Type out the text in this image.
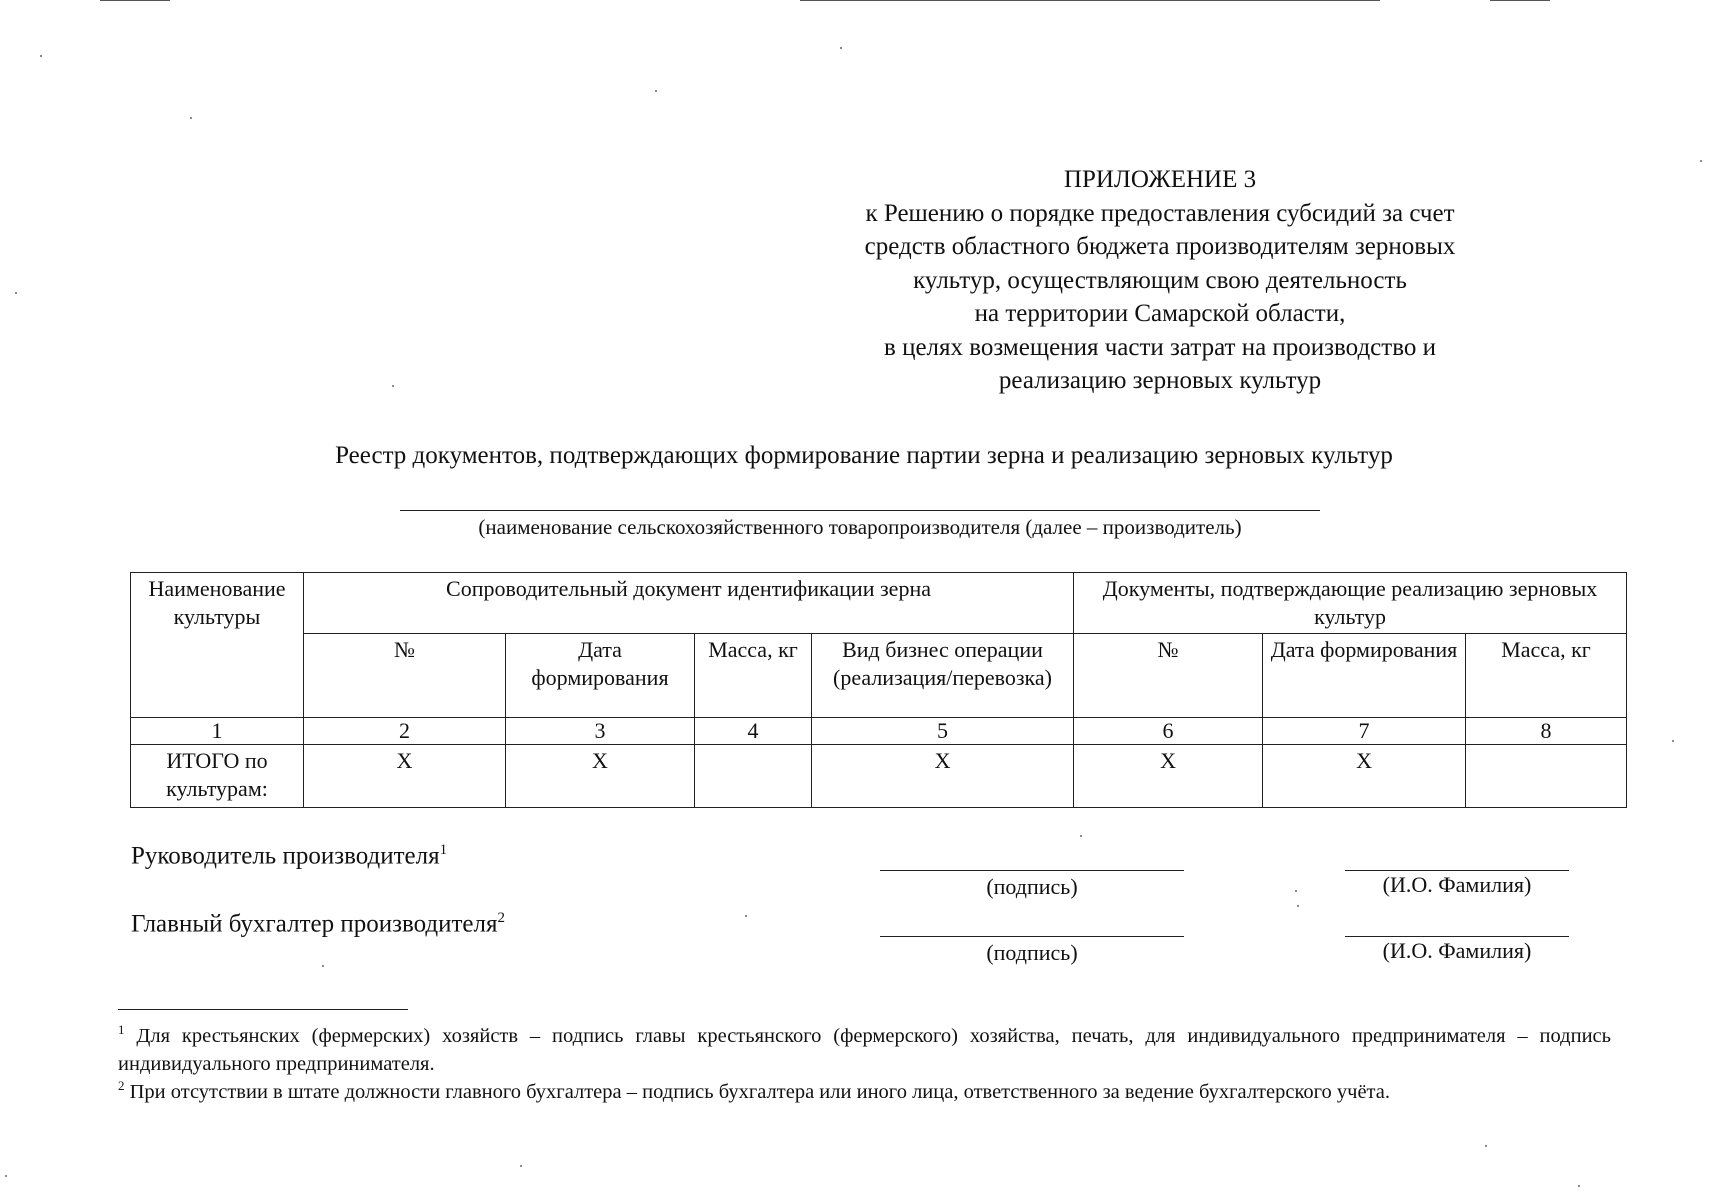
ПРИЛОЖЕНИЕ 3
к Решению о порядке предоставления субсидий за счет
средств областного бюджета производителям зерновых
культур, осуществляющим свою деятельность
на территории Самарской области,
в целях возмещения части затрат на производство и
реализацию зерновых культур
Реестр документов, подтверждающих формирование партии зерна и реализацию зерновых культур
(наименование сельскохозяйственного товаропроизводителя (далее – производитель)
Наименование культуры	Сопроводительный документ идентификации зерна				Документы, подтверждающие реализацию зерновых культур		
	№	Дата формирования	Масса, кг	Вид бизнес операции (реализация/перевозка)	№	Дата формирования	Масса, кг
1	2	3	4	5	6	7	8
ИТОГО по культурам:	Х	Х		Х	Х	Х	
Руководитель производителя$^1$
(подпись)	(И.О. Фамилия)
Главный бухгалтер производителя$^2$
(подпись)	(И.О. Фамилия)
$^1$ Для крестьянских (фермерских) хозяйств – подпись главы крестьянского (фермерского) хозяйства, печать, для индивидуального предпринимателя – подпись индивидуального предпринимателя.
$^2$ При отсутствии в штате должности главного бухгалтера – подпись бухгалтера или иного лица, ответственного за ведение бухгалтерского учёта.
